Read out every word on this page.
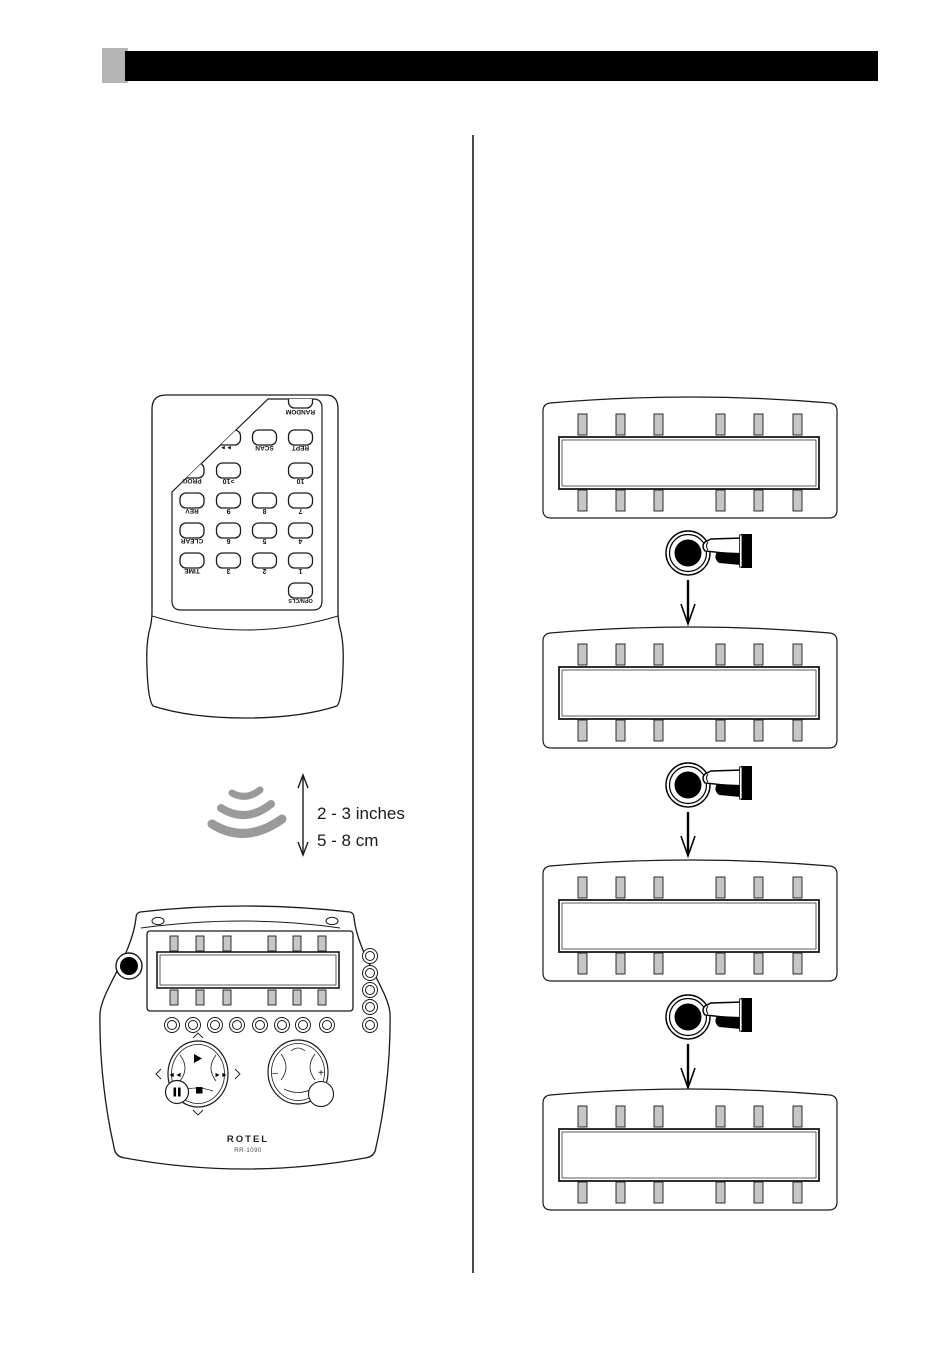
RANDOM
REPT
SCAN
►►
10
>10
PROG
REV	9	8	7
CLEAR	6	5	4
TIME	3	2	1
OPN/CLS
2 - 3 inches
5 - 8 cm
◄◄	►►	–	+
ROTEL
RR-1090
